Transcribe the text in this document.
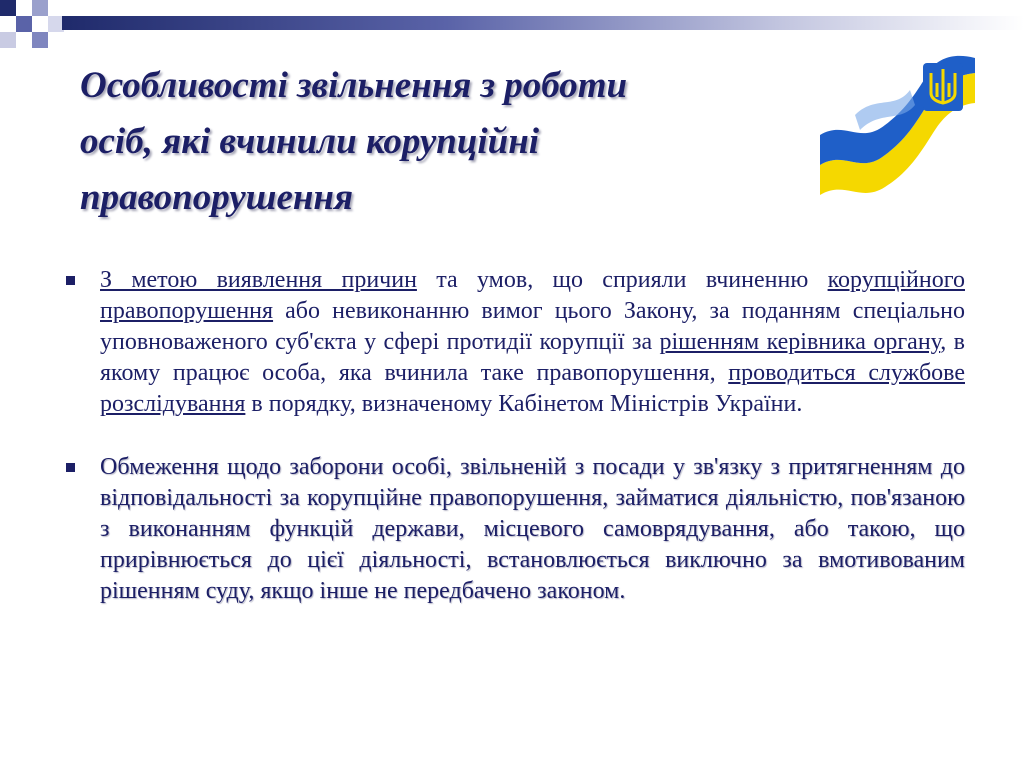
Особливості звільнення з роботи осіб, які вчинили корупційні правопорушення
З метою виявлення причин та умов, що сприяли вчиненню корупційного правопорушення або невиконанню вимог цього Закону, за поданням спеціально уповноваженого суб'єкта у сфері протидії корупції за рішенням керівника органу, в якому працює особа, яка вчинила таке правопорушення, проводиться службове розслідування в порядку, визначеному Кабінетом Міністрів України.
Обмеження щодо заборони особі, звільненій з посади у зв'язку з притягненням до відповідальності за корупційне правопорушення, займатися діяльністю, пов'язаною з виконанням функцій держави, місцевого самоврядування, або такою, що прирівнюється до цієї діяльності, встановлюється виключно за вмотивованим рішенням суду, якщо інше не передбачено законом.
